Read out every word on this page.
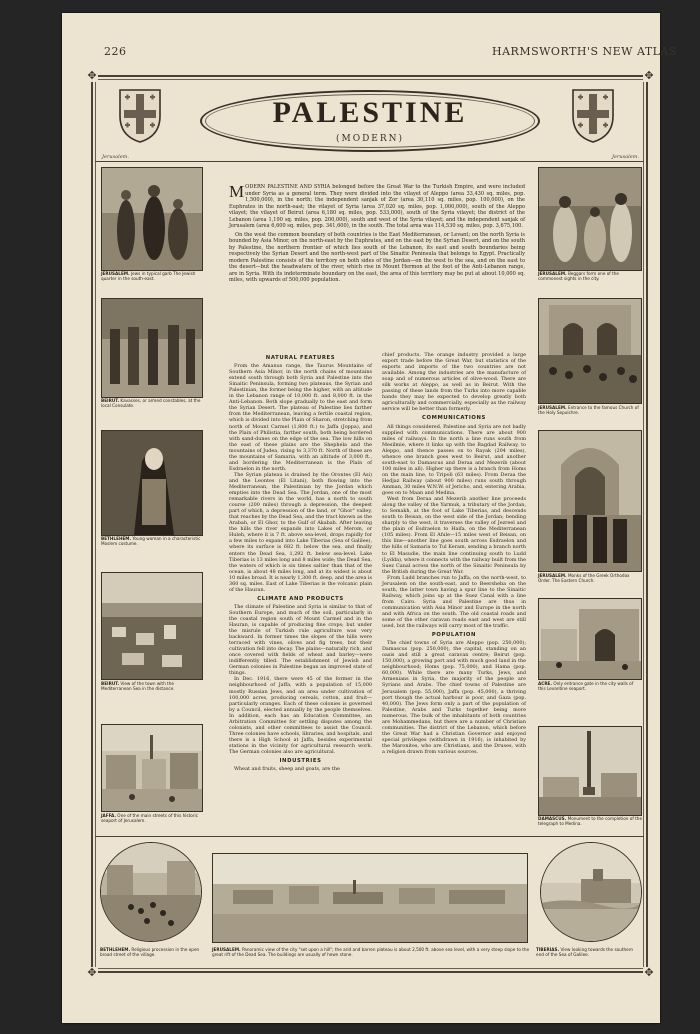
226	HARMSWORTH'S NEW ATLAS
✥	✥
✥	✥
Jerusalem.	Jerusalem.
PALESTINE
(MODERN)
JERUSALEM. Jews in typical garb The Jewish quarter in the south-east.
BEIRUT. Kavasses, or armed constables, at the local Consulate.
BETHLEHEM. Young woman in a characteristic Moslem costume.
BEIRUT. View of the town with the Mediterranean Sea in the distance.
JAFFA. One of the main streets of this historic seaport of Jerusalem.
JERUSALEM. Beggars form one of the commonest sights in the city.
JERUSALEM. Entrance to the famous Church of the Holy Sepulchre.
JERUSALEM. Monks of the Greek Orthodox Order. The Eastern Church.
ACRE. Only entrance gate in the city walls of this Levantine seaport.
DAMASCUS. Monument to the completion of the telegraph to Medina.

MODERN PALESTINE AND SYRIA belonged before the Great War to the Turkish Empire, and were included under Syria as a general term. They were divided into the vilayet of Aleppo (area 33,430 sq. miles, pop. 1,500,000), in the north; the independent sanjak of Zor (area 30,110 sq. miles, pop. 100,000), on the Euphrates in the north-east; the vilayet of Syria (area 37,020 sq. miles, pop. 1,000,000), south of the Aleppo vilayet; the vilayet of Beirut (area 6,180 sq. miles, pop. 533,000), south of the Syria vilayet; the district of the Lebanon (area 1,190 sq. miles, pop. 200,000), south and west of the Syria vilayet; and the independent sanjak of Jerusalem (area 6,600 sq. miles, pop. 341,600), in the south. The total area was 114,530 sq. miles, pop. 3,675,100.

On the west the common boundary of both countries is the East Mediterranean, or Levant; on the north Syria is bounded by Asia Minor, on the north-east by the Euphrates, and on the east by the Syrian Desert, and on the south by Palestine, the northern frontier of which lies south of the Lebanon, its east and south boundaries being respectively the Syrian Desert and the north-west part of the Sinaitic Peninsula that belongs to Egypt. Practically modern Palestine consists of the territory on both sides of the Jordan—on the west to the sea, and on the east to the desert—but the headwaters of the river, which rise in Mount Hermon at the foot of the Anti-Lebanon range, are in Syria. With its indeterminate boundary on the east, the area of this territory may be put at about 10,000 sq. miles, with upwards of 500,000 population.

NATURAL FEATURES

From the Amanus range, the Taurus Mountains of Southern Asia Minor, in the north chains of mountains extend south through both Syria and Palestine into the Sinaitic Peninsula, forming two plateaus, the Syrian and Palestinian, the former being the higher, with an altitude in the Lebanon range of 10,000 ft. and 8,000 ft. in the Anti-Lebanon. Both slope gradually to the east and form the Syrian Desert. The plateau of Palestine lies farther from the Mediterranean, leaving a fertile coastal region, which is divided into the Plain of Sharon, stretching from north of Mount Carmel (1,800 ft.) to Jaffa (Joppa), and the Plain of Philistia, farther south, both being bordered with sand-dunes on the edge of the sea. The low hills on the east of these plains are the Shephela and the mountains of Judea, rising to 3,370 ft. North of these are the mountains of Samaria, with an altitude of 3,000 ft., and bordering the Mediterranean is the Plain of Esdraelon in the north.

The Syrian plateau is drained by the Orontes (El Asi) and the Leontes (El Litani), both flowing into the Mediterranean, the Palestinian by the Jordan which empties into the Dead Sea. The Jordan, one of the most remarkable rivers in the world, has a north to south course (200 miles) through a depression, the deepest part of which, a depression of the land, or "Ghor" valley, that reaches by the Dead Sea, and the tract known as the Arabah, or El Ghor, to the Gulf of Akabah. After leaving the hills the river expands into Lakes of Merom, or Huleh, where it is 7 ft. above sea-level, drops rapidly for a few miles to expand into Lake Tiberias (Sea of Galilee), where its surface is 682 ft. below the sea, and finally enters the Dead Sea, 1,292 ft. below sea-level. Lake Tiberias is 13 miles long and 8 miles wide; the Dead Sea, the waters of which is six times saltier than that of the ocean, is about 48 miles long, and at its widest is about 10 miles broad. It is nearly 1,300 ft. deep, and the area is 360 sq. miles. East of Lake Tiberias is the volcanic plain of the Hauran.

CLIMATE AND PRODUCTS

The climate of Palestine and Syria is similar to that of Southern Europe, and much of the soil, particularly in the coastal region south of Mount Carmel and in the Hauran, is capable of producing fine crops; but under the misrule of Turkish rule agriculture was very backward. In former times the slopes of the hills were terraced with vines, olives and fig trees, but their cultivation fell into decay. The plains—naturally rich, and once covered with fields of wheat and barley—were indifferently tilled. The establishment of Jewish and German colonies in Palestine began an improved state of things.

In Dec. 1916, there were 45 of the former in the neighbourhood of Jaffa, with a population of 15,000 mostly Russian Jews, and an area under cultivation of 100,000 acres, producing cereals, cotton, and fruit—particularly oranges. Each of these colonies is governed by a Council, elected annually by the people themselves. In addition, each has an Education Committee, an Arbitration Committee for settling disputes among the colonists, and other committees to assist the Council. Three colonies have schools, libraries, and hospitals, and there is a High School at Jaffa, besides experimental stations in the vicinity for agricultural research work. The German colonies also are agricultural.

INDUSTRIES

Wheat and fruits, sheep and goats, are the

chief products. The orange industry provided a large export trade before the Great War, but statistics of the exports and imports of the two countries are not available. Among the industries are the manufacture of soap and of numerous articles of olive-wood. There are silk works at Aleppo, as well as in Beirut. With the passing of these lands from the Turks into more capable hands they may be expected to develop greatly both agriculturally and commercially, especially as the railway service will be better than formerly.

COMMUNICATIONS

All things considered, Palestine and Syria are not badly supplied with communications. There are about 900 miles of railways. In the north a line runs south from Mesilmie, where it links up with the Bagdad Railway, to Aleppo, and thence passes on to Rayak (204 miles), whence one branch goes west to Beirut, and another south-east to Damascus and Deraa and Mezerib (about 100 miles in all). Higher up there is a branch from Homs on the main line, to Tripoli (63 miles). From Deraa the Hedjaz Railway (about 900 miles) runs south through Amman, 30 miles W.N.W. of Jericho, and, entering Arabia, goes on to Maan and Medina.

West from Deraa and Mezerib another line proceeds along the valley of the Yarmuk, a tributary of the Jordan, to Semakh, at the foot of Lake Tiberias, and descends south to Beisan, on the west side of the Jordan; bending sharply to the west, it traverses the valley of Jezreel and the plain of Esdraelon to Haifa, on the Mediterranean (105 miles). From El Afule—15 miles west of Beisan, on this line—another line goes south across Esdraelon and the hills of Samaria to Tul Keram, sending a branch north to El Masudie, the main line continuing south to Ludd (Lydda), where it connects with the railway built from the Suez Canal across the north of the Sinaitic Peninsula by the British during the Great War.

From Ludd branches run to Jaffa, on the north-west, to Jerusalem on the south-east, and to Beersheba on the south, the latter town having a spur line to the Sinaitic Railway, which joins up at the Suez Canal with a line from Cairo. Syria and Palestine are thus in communication with Asia Minor and Europe in the north and with Africa on the south. The old coastal roads and some of the other caravan roads east and west are still used, but the railways will carry most of the traffic.

POPULATION

The chief towns of Syria are Aleppo (pop. 250,000); Damascus (pop. 250,000), the capital, standing on an oasis and still a great caravan centre; Beirut (pop. 150,000), a growing port and with much good land in the neighbourhood; Homs (pop. 75,000), and Hama (pop. 60,000). While there are many Turks, Jews, and Armenians in Syria, the majority of the people are Syrians and Arabs. The chief towns of Palestine are Jerusalem (pop. 55,000), Jaffa (pop. 45,000), a thriving port though the actual harbour is poor, and Gaza (pop. 40,000). The Jews form only a part of the population of Palestine, Arabs and Turks together being more numerous. The bulk of the inhabitants of both countries are Mohammedans, but there are a number of Christian communities. The district of the Lebanon, which before the Great War had a Christian Governor and enjoyed special privileges (withdrawn in 1916), is inhabited by the Maronites, who are Christians, and the Druses, with a religion drawn from various sources.

BETHLEHEM. Religious procession in the open broad street of the village.
JERUSALEM. Panoramic view of the city "set upon a hill"; the arid and barren plateau is about 2,500 ft. above sea level, with a very steep slope to the great rift of the Dead Sea. The buildings are usually of hewn stone.
TIBERIAS. View looking towards the southern end of the Sea of Galilee.
